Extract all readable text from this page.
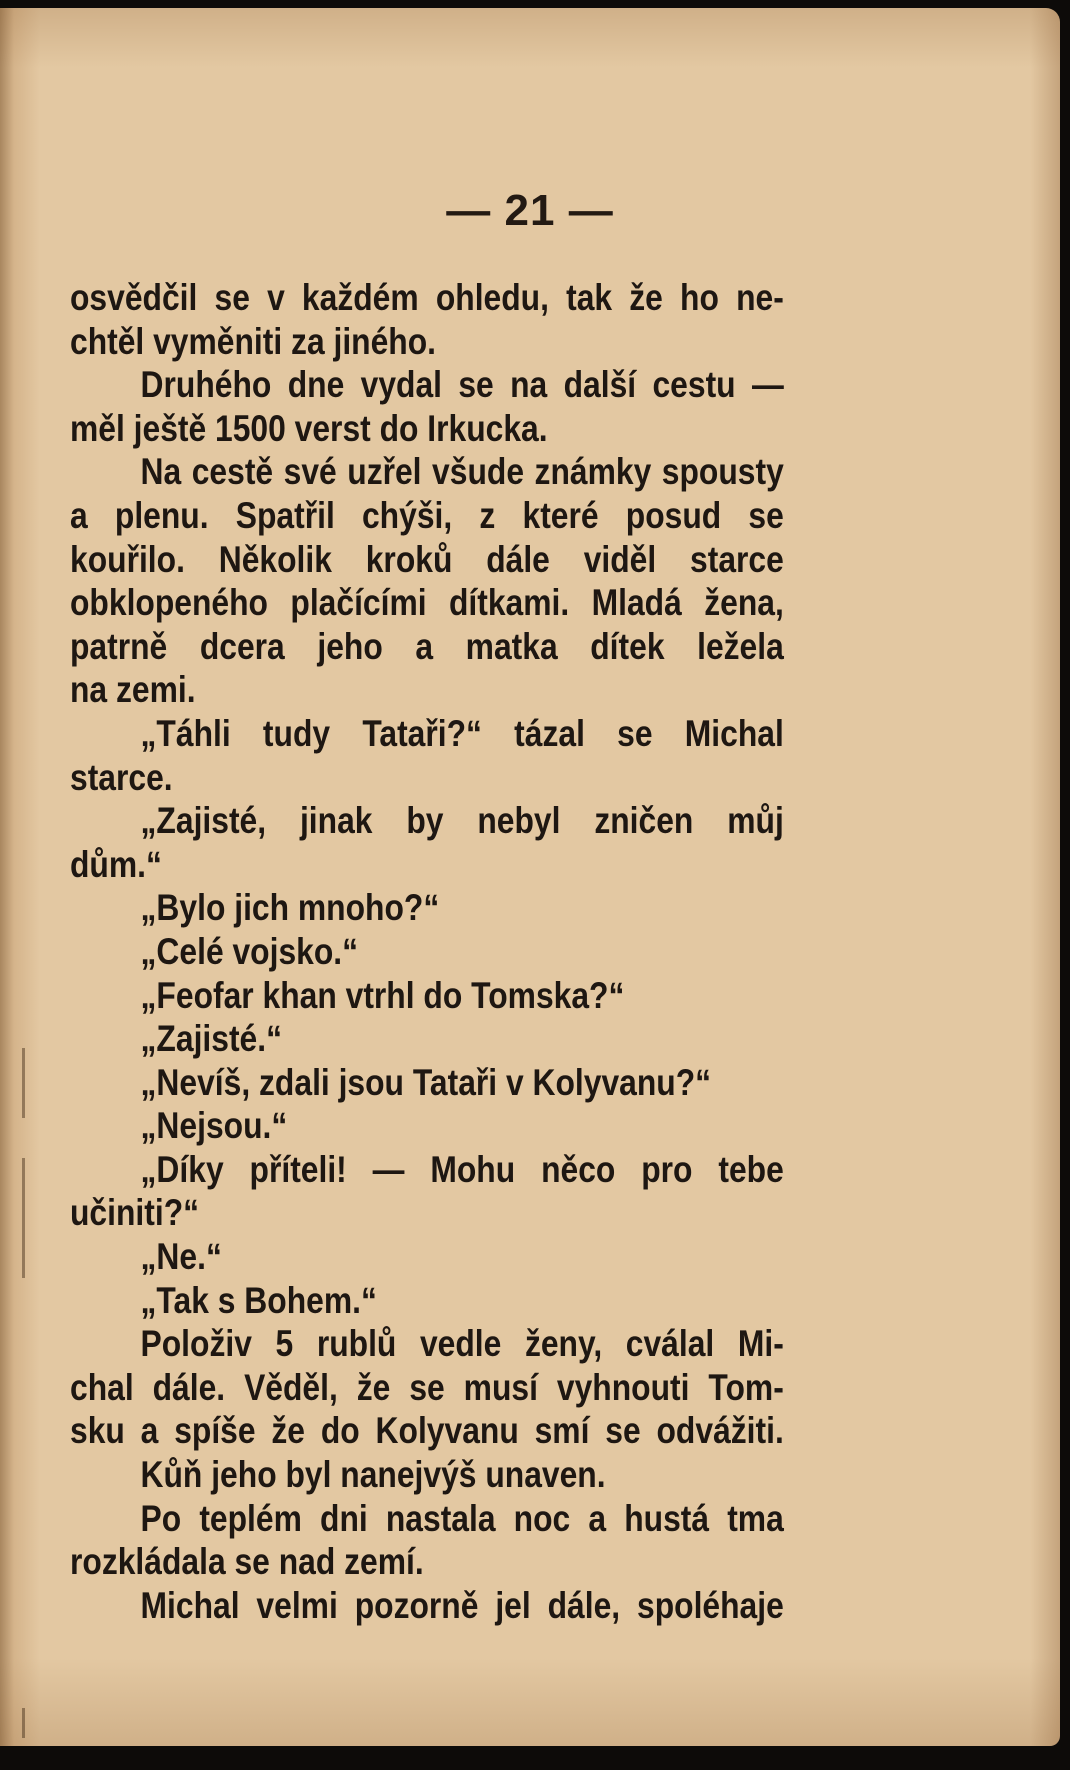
— 21 —
osvědčil se v každém ohledu, tak že ho ne-
chtěl vyměniti za jiného.
Druhého dne vydal se na další cestu —
měl ještě 1500 verst do Irkucka.
Na cestě své uzřel všude známky spousty
a plenu. Spatřil chýši, z které posud se
kouřilo. Několik kroků dále viděl starce
obklopeného plačícími dítkami. Mladá žena,
patrně dcera jeho a matka dítek ležela
na zemi.
„Táhli tudy Tataři?“ tázal se Michal
starce.
„Zajisté, jinak by nebyl zničen můj
dům.“
„Bylo jich mnoho?“
„Celé vojsko.“
„Feofar khan vtrhl do Tomska?“
„Zajisté.“
„Nevíš, zdali jsou Tataři v Kolyvanu?“
„Nejsou.“
„Díky příteli! — Mohu něco pro tebe
učiniti?“
„Ne.“
„Tak s Bohem.“
Položiv 5 rublů vedle ženy, cválal Mi-
chal dále. Věděl, že se musí vyhnouti Tom-
sku a spíše že do Kolyvanu smí se odvážiti.
Kůň jeho byl nanejvýš unaven.
Po teplém dni nastala noc a hustá tma
rozkládala se nad zemí.
Michal velmi pozorně jel dále, spoléhaje
